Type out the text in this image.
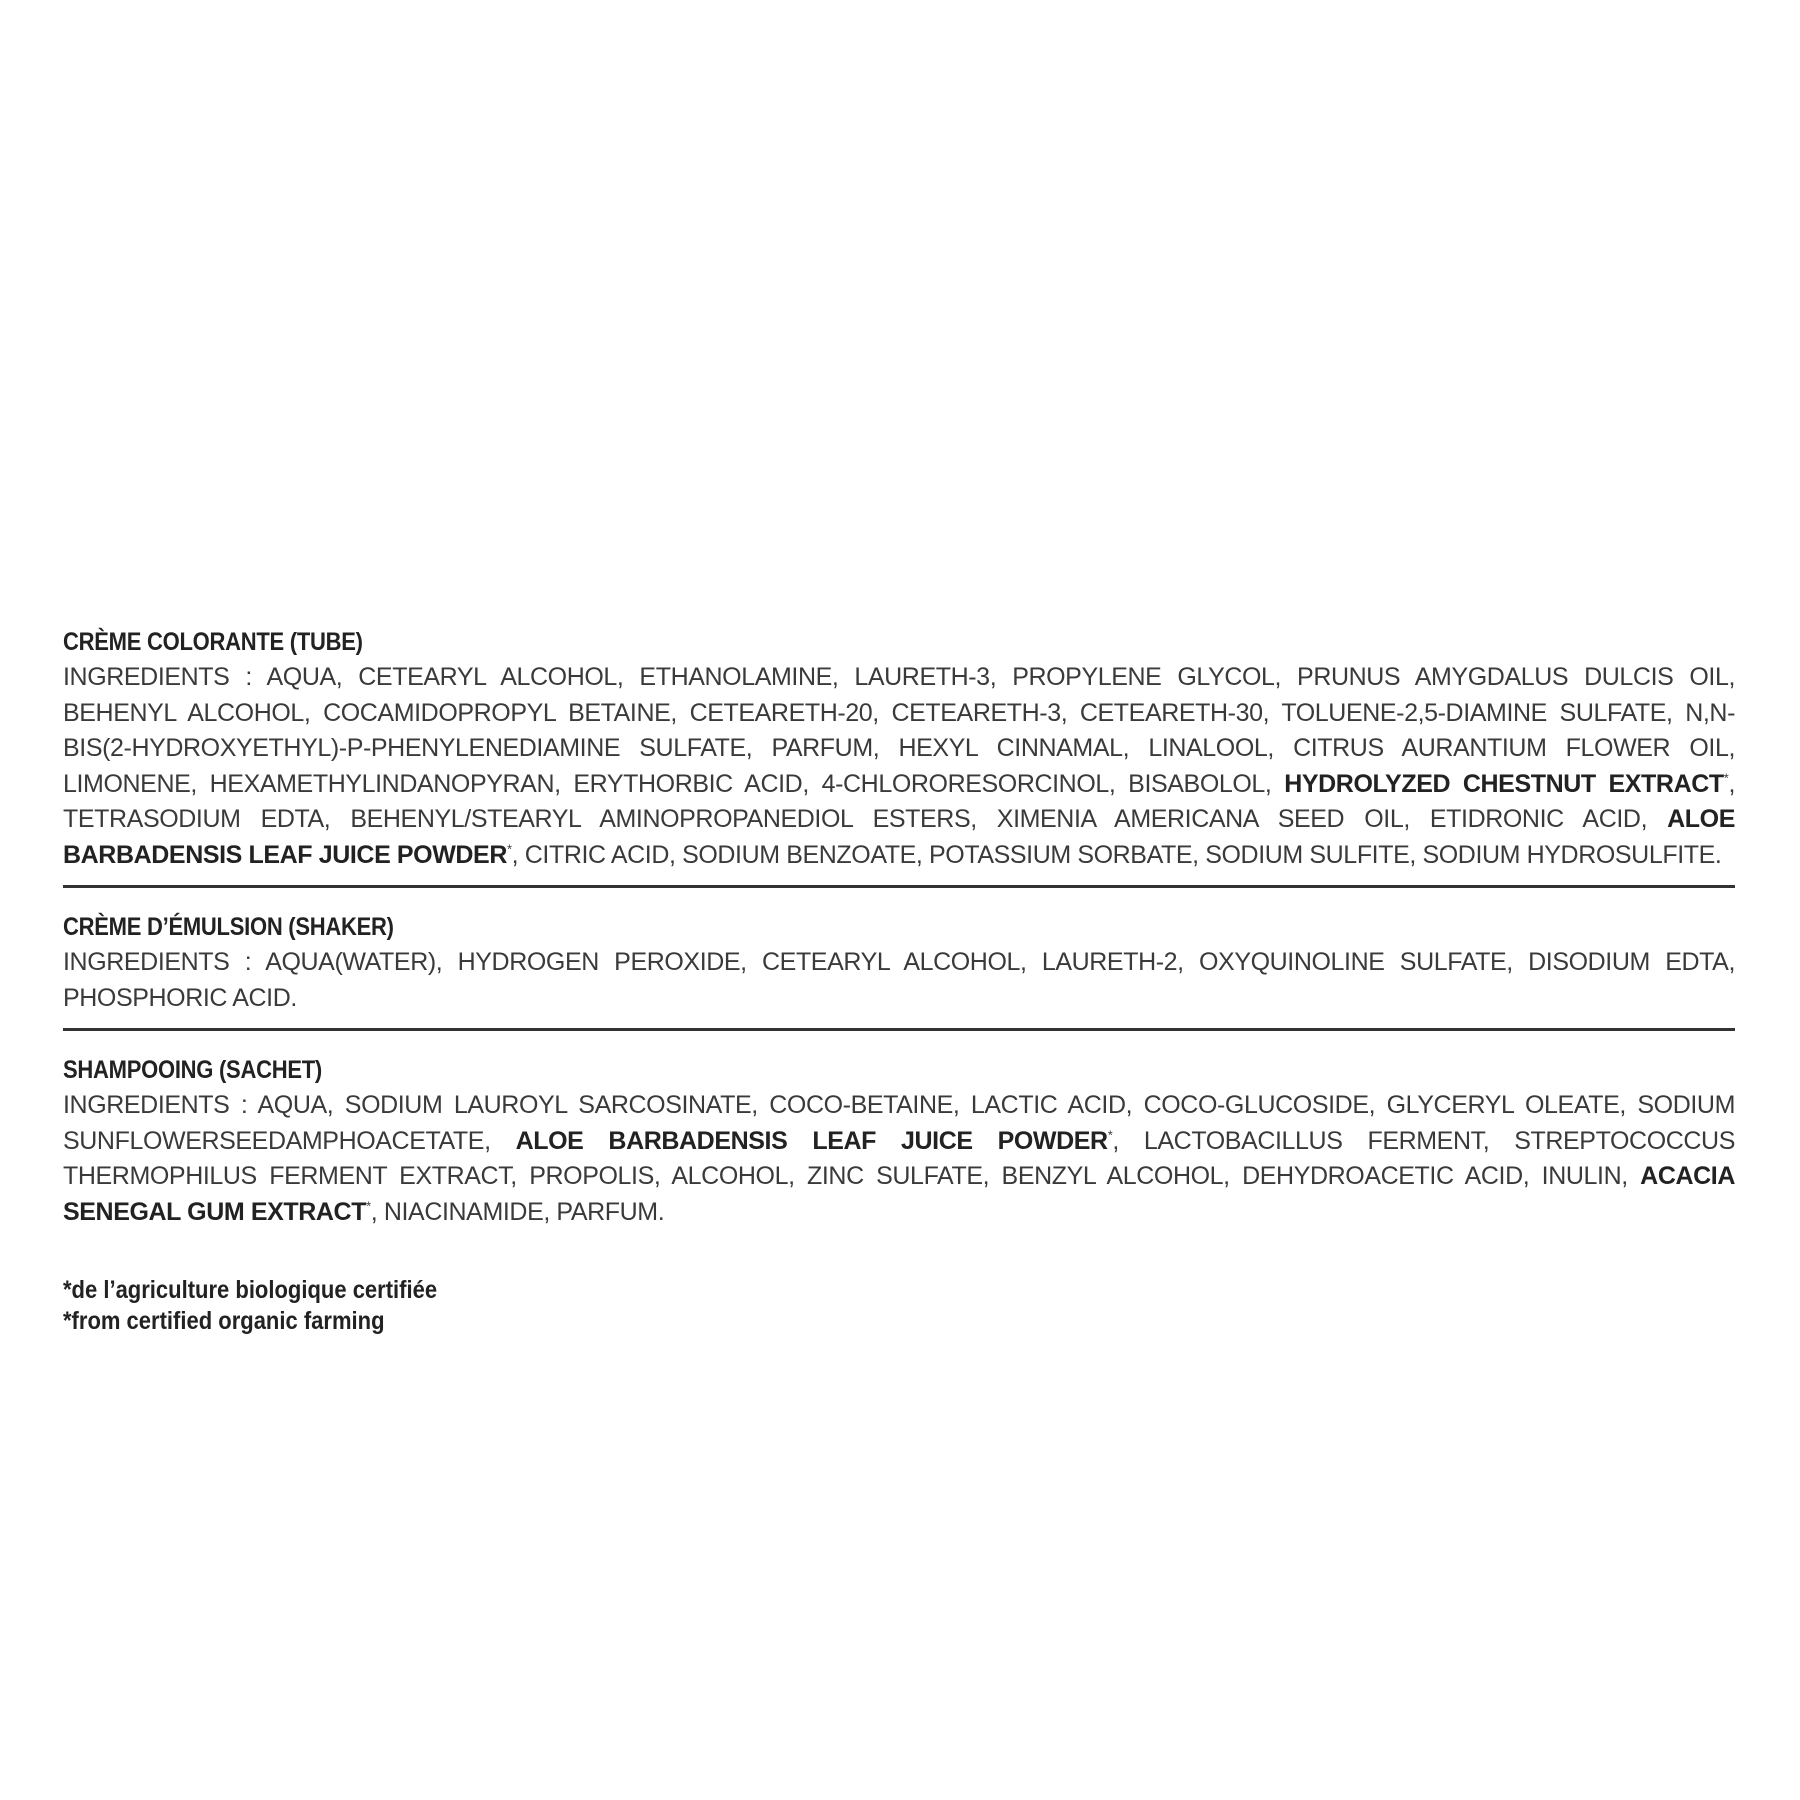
CRÈME COLORANTE (TUBE)
INGREDIENTS : AQUA, CETEARYL ALCOHOL, ETHANOLAMINE, LAURETH-3, PROPYLENE GLYCOL, PRUNUS AMYGDALUS DULCIS OIL, BEHENYL ALCOHOL, COCAMIDOPROPYL BETAINE, CETEARETH-20, CETEARETH-3, CETEARETH-30, TOLUENE-2,5-DIAMINE SULFATE, N,N-BIS(2-HYDROXYETHYL)-P-PHENYLENEDIAMINE SULFATE, PARFUM, HEXYL CINNAMAL, LINALOOL, CITRUS AURANTIUM FLOWER OIL, LIMONENE, HEXAMETHYLINDANOPYRAN, ERYTHORBIC ACID, 4-CHLORORESORCINOL, BISABOLOL, HYDROLYZED CHESTNUT EXTRACT*, TETRASODIUM EDTA, BEHENYL/STEARYL AMINOPROPANEDIOL ESTERS, XIMENIA AMERICANA SEED OIL, ETIDRONIC ACID, ALOE BARBADENSIS LEAF JUICE POWDER*, CITRIC ACID, SODIUM BENZOATE, POTASSIUM SORBATE, SODIUM SULFITE, SODIUM HYDROSULFITE.
CRÈME D’ÉMULSION (SHAKER)
INGREDIENTS : AQUA(WATER), HYDROGEN PEROXIDE, CETEARYL ALCOHOL, LAURETH-2, OXYQUINOLINE SULFATE, DISODIUM EDTA, PHOSPHORIC ACID.
SHAMPOOING (SACHET)
INGREDIENTS : AQUA, SODIUM LAUROYL SARCOSINATE, COCO-BETAINE, LACTIC ACID, COCO-GLUCOSIDE, GLYCERYL OLEATE, SODIUM SUNFLOWERSEEDAMPHOACETATE, ALOE BARBADENSIS LEAF JUICE POWDER*, LACTOBACILLUS FERMENT, STREPTOCOCCUS THERMOPHILUS FERMENT EXTRACT, PROPOLIS, ALCOHOL, ZINC SULFATE, BENZYL ALCOHOL, DEHYDROACETIC ACID, INULIN, ACACIA SENEGAL GUM EXTRACT*, NIACINAMIDE, PARFUM.
*de l’agriculture biologique certifiée
*from certified organic farming
